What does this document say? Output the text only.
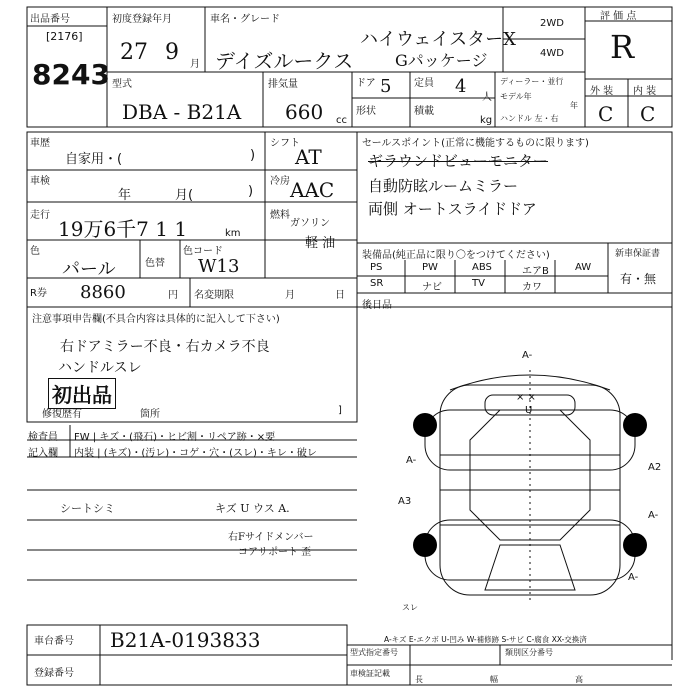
出品番号
[2176]
8243
初度登録年月
27 9 月
車名・グレード
デイズルークス
ハイウェイスターX
Gパッケージ
2WD
4WD
評 価 点
R
外 装 内 装
C C
型式
DBA - B21A
排気量
660 cc
ドア 5 定員 4
人
形状	積載
kg
ディーラー・並行
モデル年
年
ハンドル 左・右
車歴
自家用・(	)
シフト
AT
車検
年	月(	)
冷房 AAC
走行
19万6千7 1 1	km
燃料
ガソリン
軽 油
色
パール	色替
色コード
W13
R券 8860	円 名変期限	月	日
セールスポイント(正常に機能するものに限ります)
ギラウンドビューモニター
自動防眩ルームミラー
両側 オートスライドドア
装備品(純正品に限り〇をつけてください)	新車保証書
有・無
PS	PW	ABS	エアB	AW
SR	ナビ	TV	カワ
後日品
注意事項申告欄(不具合内容は具体的に記入して下さい)
右ドアミラー不良・右カメラ不良
ハンドルスレ
初出品
修復歴有	箇所	]
検査員 FW | キズ・(飛石)・ヒビ割・リペア跡・×要
記入欄 内装 | (キズ)・(汚レ)・コゲ・穴・(スレ)・キレ・破レ
シートシミ	キズ U ウス A.
右Fサイドメンバー
コアサポート 歪
A-
× ×
U
A-
A3
A2
A-
A-
スレ
A-キズ E-エクボ U-凹み W-補修跡 S-サビ C-腐食 XX-交換済
車台番号 B21A-0193833
登録番号
型式指定番号	類別区分番号
車検証記載
長	幅	高
